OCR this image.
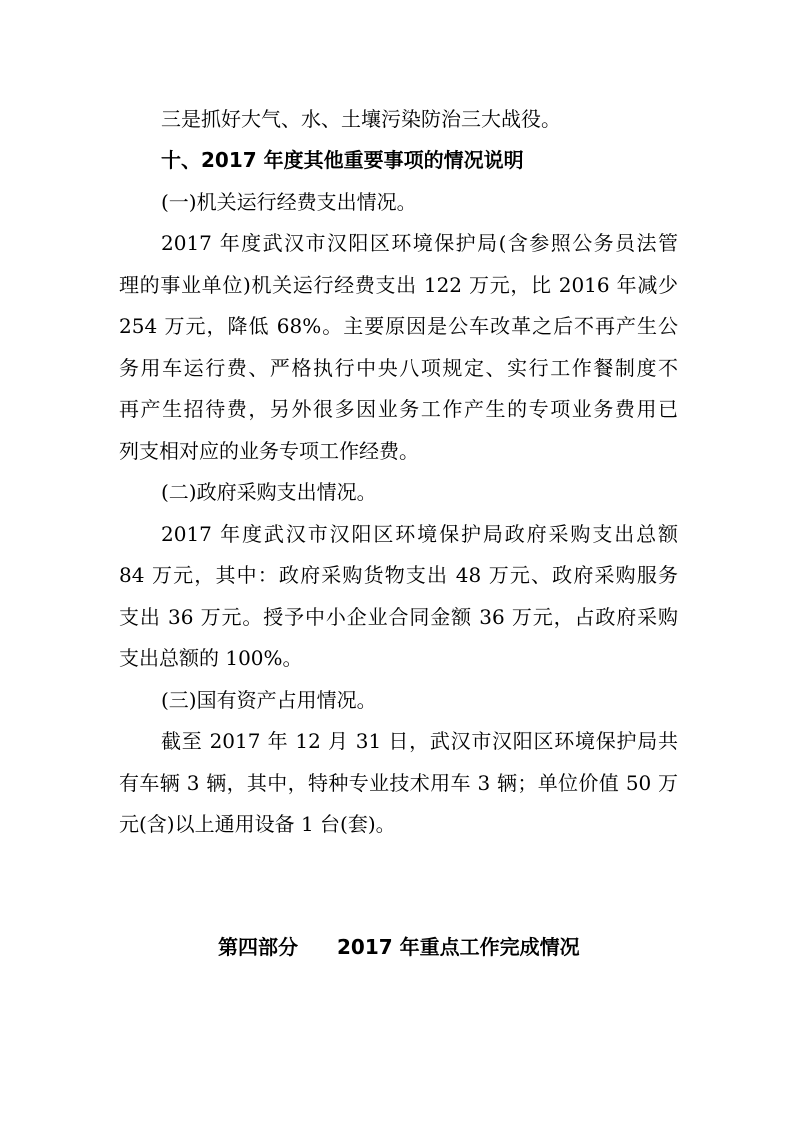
三是抓好大气、水、土壤污染防治三大战役。

十、2017 年度其他重要事项的情况说明

(一)机关运行经费支出情况。

2017 年度武汉市汉阳区环境保护局(含参照公务员法管

理的事业单位)机关运行经费支出 122 万元，比 2016 年减少

254 万元，降低 68%。主要原因是公车改革之后不再产生公

务用车运行费、严格执行中央八项规定、实行工作餐制度不

再产生招待费，另外很多因业务工作产生的专项业务费用已

列支相对应的业务专项工作经费。

(二)政府采购支出情况。

2017 年度武汉市汉阳区环境保护局政府采购支出总额

84 万元，其中：政府采购货物支出 48 万元、政府采购服务

支出 36 万元。授予中小企业合同金额 36 万元，占政府采购

支出总额的 100%。

(三)国有资产占用情况。

截至 2017 年 12 月 31 日，武汉市汉阳区环境保护局共

有车辆 3 辆，其中，特种专业技术用车 3 辆；单位价值 50 万

元(含)以上通用设备 1 台(套)。

第四部分 2017 年重点工作完成情况
